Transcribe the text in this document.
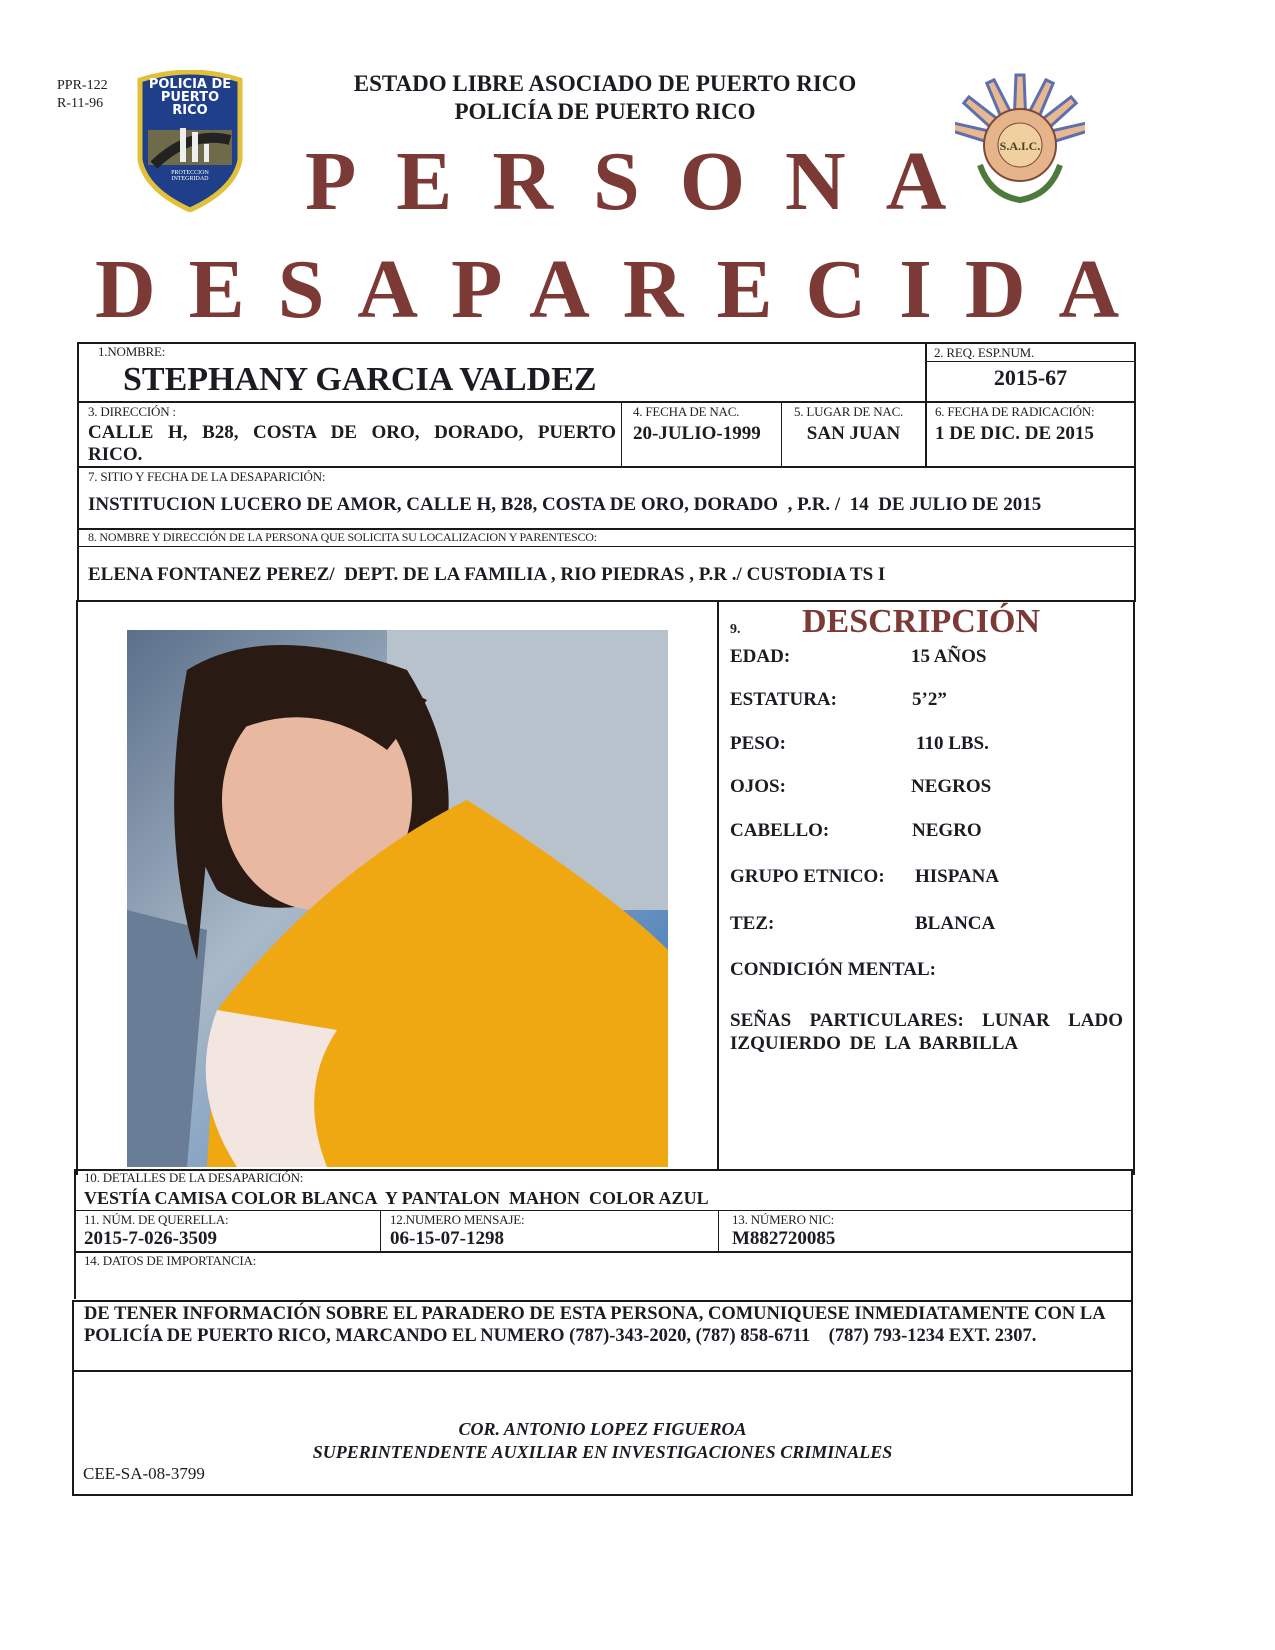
PPR-122
R-11-96
POLICIA DE PUERTO RICO
PROTECCION INTEGRIDAD
S.A.I.C.
ESTADO LIBRE ASOCIADO DE PUERTO RICO
POLICÍA DE PUERTO RICO
PERSONA
DESAPARECIDA
1.NOMBRE:
STEPHANY GARCIA VALDEZ
2. REQ. ESP.NUM.
2015-67
3. DIRECCIÓN :
CALLE H, B28, COSTA DE ORO, DORADO, PUERTO RICO.
4. FECHA DE NAC.
20-JULIO-1999
5. LUGAR DE NAC.
SAN JUAN
6. FECHA DE RADICACIÓN:
1 DE DIC. DE 2015
7. SITIO Y FECHA DE LA DESAPARICIÓN:
INSTITUCION LUCERO DE AMOR, CALLE H, B28, COSTA DE ORO, DORADO  , P.R. /  14  DE JULIO DE 2015
8. NOMBRE Y DIRECCIÓN DE LA PERSONA QUE SOLICITA SU LOCALIZACION Y PARENTESCO:
ELENA FONTANEZ PEREZ/  DEPT. DE LA FAMILIA , RIO PIEDRAS , P.R ./ CUSTODIA TS I
9. DESCRIPCIÓN
EDAD:	15 AÑOS
ESTATURA:	5’2”
PESO:	110 LBS.
OJOS:	NEGROS
CABELLO:	NEGRO
GRUPO ETNICO: HISPANA
TEZ:	BLANCA
CONDICIÓN MENTAL:
SEÑAS PARTICULARES: LUNAR LADO IZQUIERDO DE LA BARBILLA
10. DETALLES DE LA DESAPARICIÓN:
VESTÍA CAMISA COLOR BLANCA  Y PANTALON  MAHON  COLOR AZUL
11. NÚM. DE QUERELLA:
2015-7-026-3509
12.NUMERO MENSAJE:
06-15-07-1298
13. NÚMERO NIC:
M882720085
14. DATOS DE IMPORTANCIA:
DE TENER INFORMACIÓN SOBRE EL PARADERO DE ESTA PERSONA, COMUNIQUESE INMEDIATAMENTE CON LA POLICÍA DE PUERTO RICO, MARCANDO EL NUMERO (787)-343-2020, (787) 858-6711    (787) 793-1234 EXT. 2307.
COR. ANTONIO LOPEZ FIGUEROA
SUPERINTENDENTE AUXILIAR EN INVESTIGACIONES CRIMINALES
CEE-SA-08-3799
